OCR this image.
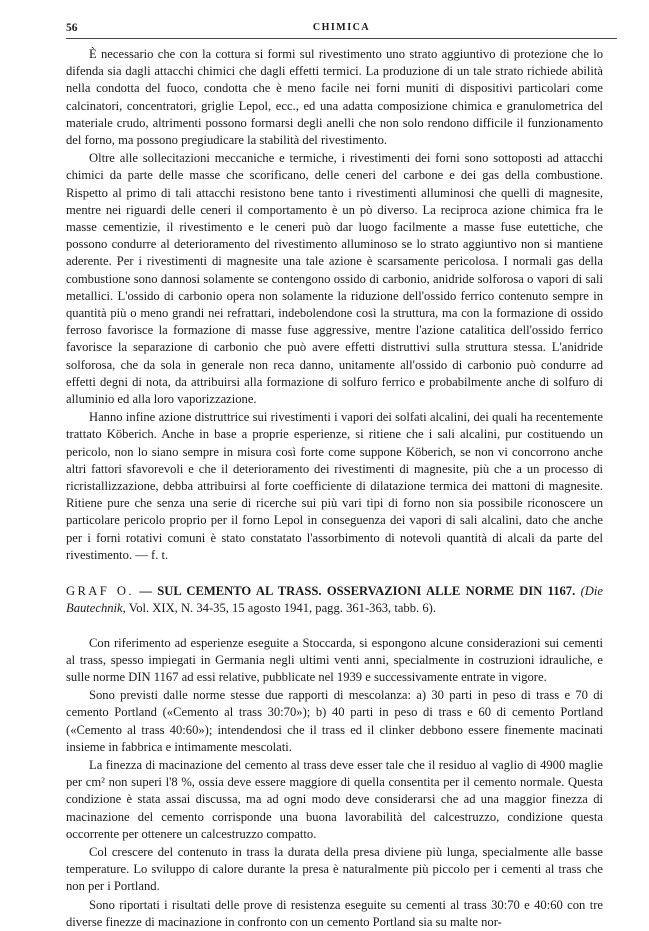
56	CHIMICA

È necessario che con la cottura si formi sul rivestimento uno strato aggiuntivo di protezione che lo difenda sia dagli attacchi chimici che dagli effetti termici. La produzione di un tale strato richiede abilità nella condotta del fuoco, condotta che è meno facile nei forni muniti di dispositivi particolari come calcinatori, concentratori, griglie Lepol, ecc., ed una adatta composizione chimica e granulometrica del materiale crudo, altrimenti possono formarsi degli anelli che non solo rendono difficile il funzionamento del forno, ma possono pregiudicare la stabilità del rivestimento.

Oltre alle sollecitazioni meccaniche e termiche, i rivestimenti dei forni sono sottoposti ad attacchi chimici da parte delle masse che scorificano, delle ceneri del carbone e dei gas della combustione. Rispetto al primo di tali attacchi resistono bene tanto i rivestimenti alluminosi che quelli di magnesite, mentre nei riguardi delle ceneri il comportamento è un pò diverso. La reciproca azione chimica fra le masse cementizie, il rivestimento e le ceneri può dar luogo facilmente a masse fuse eutettiche, che possono condurre al deterioramento del rivestimento alluminoso se lo strato aggiuntivo non si mantiene aderente. Per i rivestimenti di magnesite una tale azione è scarsamente pericolosa. I normali gas della combustione sono dannosi solamente se contengono ossido di carbonio, anidride solforosa o vapori di sali metallici. L'ossido di carbonio opera non solamente la riduzione dell'ossido ferrico contenuto sempre in quantità più o meno grandi nei refrattari, indebolendone così la struttura, ma con la formazione di ossido ferroso favorisce la formazione di masse fuse aggressive, mentre l'azione catalitica dell'ossido ferrico favorisce la separazione di carbonio che può avere effetti distruttivi sulla struttura stessa. L'anidride solforosa, che da sola in generale non reca danno, unitamente all'ossido di carbonio può condurre ad effetti degni di nota, da attribuirsi alla formazione di solfuro ferrico e probabilmente anche di solfuro di alluminio ed alla loro vaporizzazione.

Hanno infine azione distruttrice sui rivestimenti i vapori dei solfati alcalini, dei quali ha recentemente trattato Köberich. Anche in base a proprie esperienze, si ritiene che i sali alcalini, pur costituendo un pericolo, non lo siano sempre in misura così forte come suppone Köberich, se non vi concorrono anche altri fattori sfavorevoli e che il deterioramento dei rivestimenti di magnesite, più che a un processo di ricristallizzazione, debba attribuirsi al forte coefficiente di dilatazione termica dei mattoni di magnesite. Ritiene pure che senza una serie di ricerche sui più vari tipi di forno non sia possibile riconoscere un particolare pericolo proprio per il forno Lepol in conseguenza dei vapori di sali alcalini, dato che anche per i forni rotativi comuni è stato constatato l'assorbimento di notevoli quantità di alcali da parte del rivestimento. — f. t.

GRAF O. — SUL CEMENTO AL TRASS. OSSERVAZIONI ALLE NORME DIN 1167. (Die Bautechnik, Vol. XIX, N. 34-35, 15 agosto 1941, pagg. 361-363, tabb. 6).

Con riferimento ad esperienze eseguite a Stoccarda, si espongono alcune considerazioni sui cementi al trass, spesso impiegati in Germania negli ultimi venti anni, specialmente in costruzioni idrauliche, e sulle norme DIN 1167 ad essi relative, pubblicate nel 1939 e successivamente entrate in vigore.

Sono previsti dalle norme stesse due rapporti di mescolanza: a) 30 parti in peso di trass e 70 di cemento Portland («Cemento al trass 30:70»); b) 40 parti in peso di trass e 60 di cemento Portland («Cemento al trass 40:60»); intendendosi che il trass ed il clinker debbono essere finemente macinati insieme in fabbrica e intimamente mescolati.

La finezza di macinazione del cemento al trass deve esser tale che il residuo al vaglio di 4900 maglie per cm² non superi l'8 %, ossia deve essere maggiore di quella consentita per il cemento normale. Questa condizione è stata assai discussa, ma ad ogni modo deve considerarsi che ad una maggior finezza di macinazione del cemento corrisponde una buona lavorabilità del calcestruzzo, condizione questa occorrente per ottenere un calcestruzzo compatto.

Col crescere del contenuto in trass la durata della presa diviene più lunga, specialmente alle basse temperature. Lo sviluppo di calore durante la presa è naturalmente più piccolo per i cementi al trass che non per i Portland.

Sono riportati i risultati delle prove di resistenza eseguite su cementi al trass 30:70 e 40:60 con tre diverse finezze di macinazione in confronto con un cemento Portland sia su malte nor-
